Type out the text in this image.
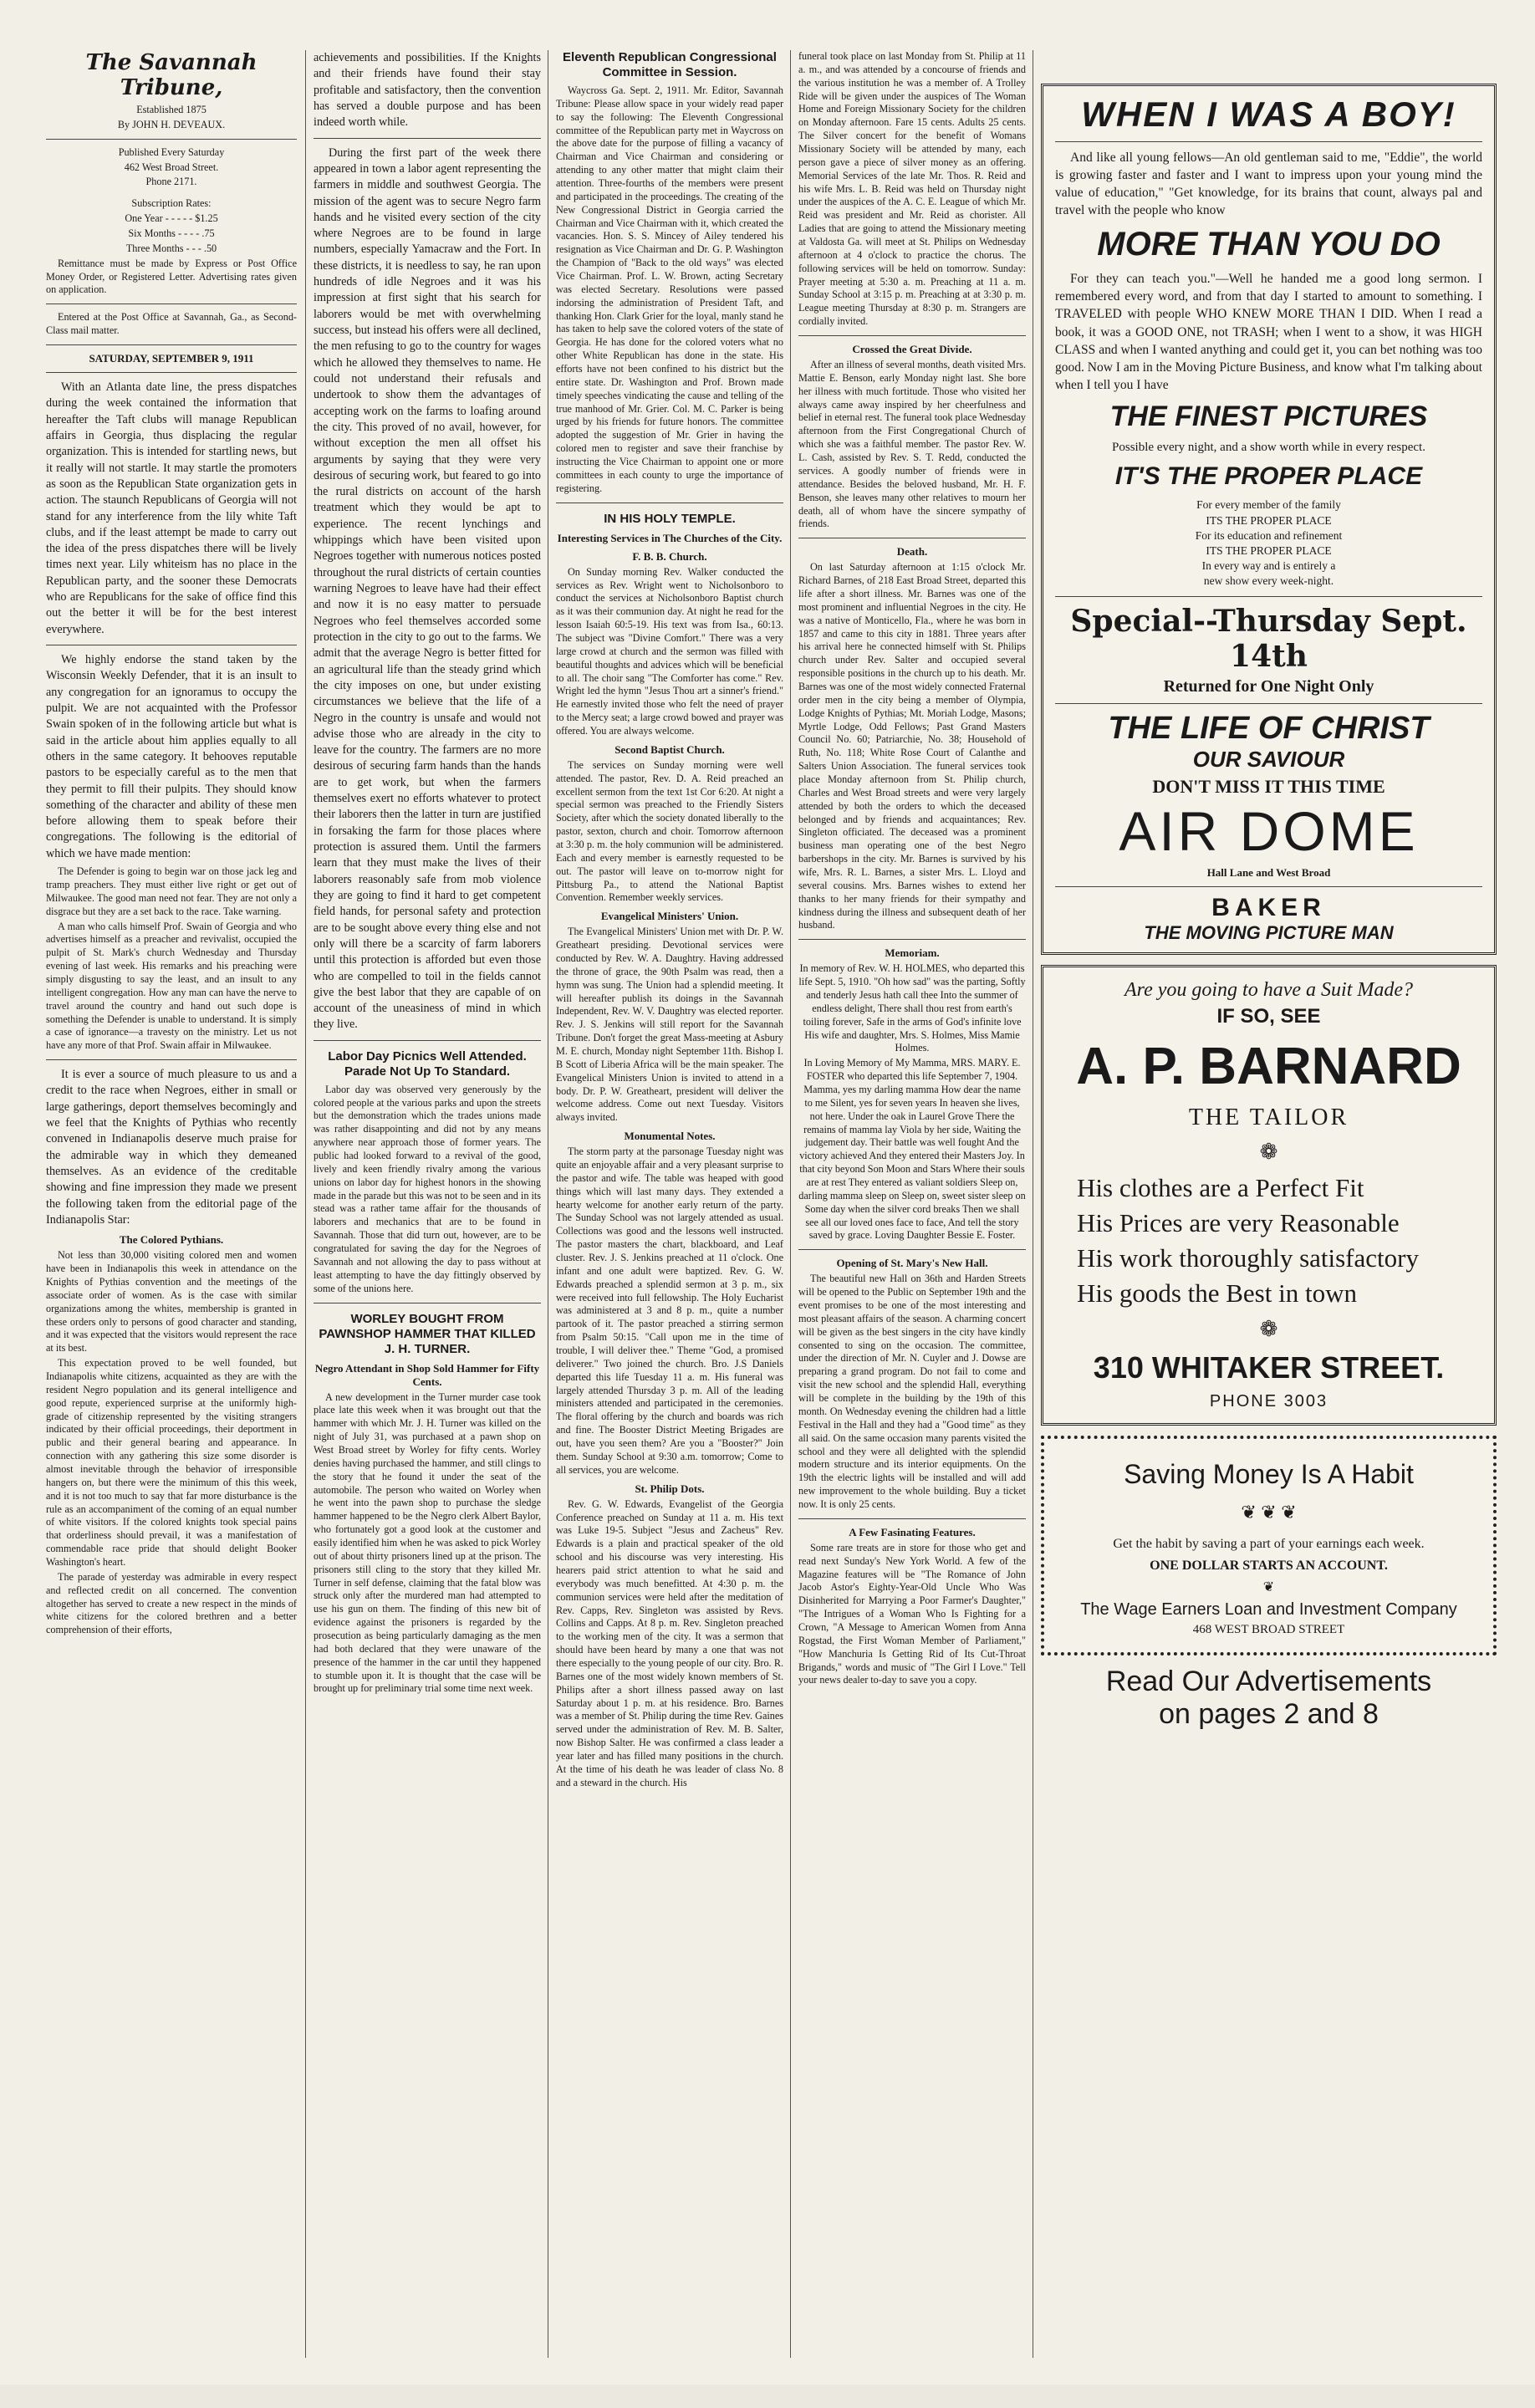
The Savannah Tribune,
Established 1875
By JOHN H. DEVEAUX.
Published Every Saturday
462 West Broad Street.
Phone 2171.
Subscription Rates:
One Year - - - - - $1.25
Six Months - - - - .75
Three Months - - - .50
Remittance must be made by Express or Post Office Money Order, or Registered Letter. Advertising rates given on application.
Entered at the Post Office at Savannah, Ga., as Second-Class mail matter.
SATURDAY, SEPTEMBER 9, 1911

With an Atlanta date line, the press dispatches during the week contained the information that hereafter the Taft clubs will manage Republican affairs in Georgia, thus displacing the regular organization. This is intended for startling news, but it really will not startle. It may startle the promoters as soon as the Republican State organization gets in action. The staunch Republicans of Georgia will not stand for any interference from the lily white Taft clubs, and if the least attempt be made to carry out the idea of the press dispatches there will be lively times next year. Lily whiteism has no place in the Republican party, and the sooner these Democrats who are Republicans for the sake of office find this out the better it will be for the best interest everywhere.

We highly endorse the stand taken by the Wisconsin Weekly Defender, that it is an insult to any congregation for an ignoramus to occupy the pulpit. We are not acquainted with the Professor Swain spoken of in the following article but what is said in the article about him applies equally to all others in the same category. It behooves reputable pastors to be especially careful as to the men that they permit to fill their pulpits. They should know something of the character and ability of these men before allowing them to speak before their congregations. The following is the editorial of which we have made mention:

The Defender is going to begin war on those jack leg and tramp preachers. They must either live right or get out of Milwaukee. The good man need not fear. They are not only a disgrace but they are a set back to the race. Take warning.

A man who calls himself Prof. Swain of Georgia and who advertises himself as a preacher and revivalist, occupied the pulpit of St. Mark's church Wednesday and Thursday evening of last week. His remarks and his preaching were simply disgusting to say the least, and an insult to any intelligent congregation. How any man can have the nerve to travel around the country and hand out such dope is something the Defender is unable to understand. It is simply a case of ignorance—a travesty on the ministry. Let us not have any more of that Prof. Swain affair in Milwaukee.

It is ever a source of much pleasure to us and a credit to the race when Negroes, either in small or large gatherings, deport themselves becomingly and we feel that the Knights of Pythias who recently convened in Indianapolis deserve much praise for the admirable way in which they demeaned themselves. As an evidence of the creditable showing and fine impression they made we present the following taken from the editorial page of the Indianapolis Star:

The Colored Pythians.

Not less than 30,000 visiting colored men and women have been in Indianapolis this week in attendance on the Knights of Pythias convention and the meetings of the associate order of women. As is the case with similar organizations among the whites, membership is granted in these orders only to persons of good character and standing, and it was expected that the visitors would represent the race at its best.

This expectation proved to be well founded, but Indianapolis white citizens, acquainted as they are with the resident Negro population and its general intelligence and good repute, experienced surprise at the uniformly high-grade of citizenship represented by the visiting strangers indicated by their official proceedings, their deportment in public and their general bearing and appearance. In connection with any gathering this size some disorder is almost inevitable through the behavior of irresponsible hangers on, but there were the minimum of this this week, and it is not too much to say that far more disturbance is the rule as an accompaniment of the coming of an equal number of white visitors. If the colored knights took special pains that orderliness should prevail, it was a manifestation of commendable race pride that should delight Booker Washington's heart.

The parade of yesterday was admirable in every respect and reflected credit on all concerned. The convention altogether has served to create a new respect in the minds of white citizens for the colored brethren and a better comprehension of their efforts,

achievements and possibilities. If the Knights and their friends have found their stay profitable and satisfactory, then the convention has served a double purpose and has been indeed worth while.

During the first part of the week there appeared in town a labor agent representing the farmers in middle and southwest Georgia. The mission of the agent was to secure Negro farm hands and he visited every section of the city where Negroes are to be found in large numbers, especially Yamacraw and the Fort. In these districts, it is needless to say, he ran upon hundreds of idle Negroes and it was his impression at first sight that his search for laborers would be met with overwhelming success, but instead his offers were all declined, the men refusing to go to the country for wages which he allowed they themselves to name. He could not understand their refusals and undertook to show them the advantages of accepting work on the farms to loafing around the city. This proved of no avail, however, for without exception the men all offset his arguments by saying that they were very desirous of securing work, but feared to go into the rural districts on account of the harsh treatment which they would be apt to experience. The recent lynchings and whippings which have been visited upon Negroes together with numerous notices posted throughout the rural districts of certain counties warning Negroes to leave have had their effect and now it is no easy matter to persuade Negroes who feel themselves accorded some protection in the city to go out to the farms. We admit that the average Negro is better fitted for an agricultural life than the steady grind which the city imposes on one, but under existing circumstances we believe that the life of a Negro in the country is unsafe and would not advise those who are already in the city to leave for the country. The farmers are no more desirous of securing farm hands than the hands are to get work, but when the farmers themselves exert no efforts whatever to protect their laborers then the latter in turn are justified in forsaking the farm for those places where protection is assured them. Until the farmers learn that they must make the lives of their laborers reasonably safe from mob violence they are going to find it hard to get competent field hands, for personal safety and protection are to be sought above every thing else and not only will there be a scarcity of farm laborers until this protection is afforded but even those who are compelled to toil in the fields cannot give the best labor that they are capable of on account of the uneasiness of mind in which they live.

Labor Day Picnics Well Attended. Parade Not Up To Standard.

Labor day was observed very generously by the colored people at the various parks and upon the streets but the demonstration which the trades unions made was rather disappointing and did not by any means anywhere near approach those of former years. The public had looked forward to a revival of the good, lively and keen friendly rivalry among the various unions on labor day for highest honors in the showing made in the parade but this was not to be seen and in its stead was a rather tame affair for the thousands of laborers and mechanics that are to be found in Savannah. Those that did turn out, however, are to be congratulated for saving the day for the Negroes of Savannah and not allowing the day to pass without at least attempting to have the day fittingly observed by some of the unions here.

WORLEY BOUGHT FROM PAWNSHOP HAMMER THAT KILLED J. H. TURNER.
Negro Attendant in Shop Sold Hammer for Fifty Cents.

A new development in the Turner murder case took place late this week when it was brought out that the hammer with which Mr. J. H. Turner was killed on the night of July 31, was purchased at a pawn shop on West Broad street by Worley for fifty cents. Worley denies having purchased the hammer, and still clings to the story that he found it under the seat of the automobile. The person who waited on Worley when he went into the pawn shop to purchase the sledge hammer happened to be the Negro clerk Albert Baylor, who fortunately got a good look at the customer and easily identified him when he was asked to pick Worley out of about thirty prisoners lined up at the prison. The prisoners still cling to the story that they killed Mr. Turner in self defense, claiming that the fatal blow was struck only after the murdered man had attempted to use his gun on them. The finding of this new bit of evidence against the prisoners is regarded by the prosecution as being particularly damaging as the men had both declared that they were unaware of the presence of the hammer in the car until they happened to stumble upon it. It is thought that the case will be brought up for preliminary trial some time next week.

Eleventh Republican Congressional Committee in Session.

Waycross Ga. Sept. 2, 1911. Mr. Editor, Savannah Tribune: Please allow space in your widely read paper to say the following: The Eleventh Congressional committee of the Republican party met in Waycross on the above date for the purpose of filling a vacancy of Chairman and Vice Chairman and considering or attending to any other matter that might claim their attention. Three-fourths of the members were present and participated in the proceedings. The creating of the New Congressional District in Georgia carried the Chairman and Vice Chairman with it, which created the vacancies. Hon. S. S. Mincey of Ailey tendered his resignation as Vice Chairman and Dr. G. P. Washington the Champion of "Back to the old ways" was elected Vice Chairman. Prof. L. W. Brown, acting Secretary was elected Secretary. Resolutions were passed indorsing the administration of President Taft, and thanking Hon. Clark Grier for the loyal, manly stand he has taken to help save the colored voters of the state of Georgia. He has done for the colored voters what no other White Republican has done in the state. His efforts have not been confined to his district but the entire state. Dr. Washington and Prof. Brown made timely speeches vindicating the cause and telling of the true manhood of Mr. Grier. Col. M. C. Parker is being urged by his friends for future honors. The committee adopted the suggestion of Mr. Grier in having the colored men to register and save their franchise by instructing the Vice Chairman to appoint one or more committees in each county to urge the importance of registering.

IN HIS HOLY TEMPLE.
Interesting Services in The Churches of the City.
F. B. B. Church.

On Sunday morning Rev. Walker conducted the services as Rev. Wright went to Nicholsonboro to conduct the services at Nicholsonboro Baptist church as it was their communion day. At night he read for the lesson Isaiah 60:5-19. His text was from Isa., 60:13. The subject was "Divine Comfort." There was a very large crowd at church and the sermon was filled with beautiful thoughts and advices which will be beneficial to all. The choir sang "The Comforter has come." Rev. Wright led the hymn "Jesus Thou art a sinner's friend." He earnestly invited those who felt the need of prayer to the Mercy seat; a large crowd bowed and prayer was offered. You are always welcome.

Second Baptist Church.

The services on Sunday morning were well attended. The pastor, Rev. D. A. Reid preached an excellent sermon from the text 1st Cor 6:20. At night a special sermon was preached to the Friendly Sisters Society, after which the society donated liberally to the pastor, sexton, church and choir. Tomorrow afternoon at 3:30 p. m. the holy communion will be administered. Each and every member is earnestly requested to be out. The pastor will leave on to-morrow night for Pittsburg Pa., to attend the National Baptist Convention. Remember weekly services.

Evangelical Ministers' Union.

The Evangelical Ministers' Union met with Dr. P. W. Greatheart presiding. Devotional services were conducted by Rev. W. A. Daughtry. Having addressed the throne of grace, the 90th Psalm was read, then a hymn was sung. The Union had a splendid meeting. It will hereafter publish its doings in the Savannah Independent, Rev. W. V. Daughtry was elected reporter. Rev. J. S. Jenkins will still report for the Savannah Tribune. Don't forget the great Mass-meeting at Asbury M. E. church, Monday night September 11th. Bishop I. B Scott of Liberia Africa will be the main speaker. The Evangelical Ministers Union is invited to attend in a body. Dr. P. W. Greatheart, president will deliver the welcome address. Come out next Tuesday. Visitors always invited.

Monumental Notes.

The storm party at the parsonage Tuesday night was quite an enjoyable affair and a very pleasant surprise to the pastor and wife. The table was heaped with good things which will last many days. They extended a hearty welcome for another early return of the party. The Sunday School was not largely attended as usual. Collections was good and the lessons well instructed. The pastor masters the chart, blackboard, and Leaf cluster. Rev. J. S. Jenkins preached at 11 o'clock. One infant and one adult were baptized. Rev. G. W. Edwards preached a splendid sermon at 3 p. m., six were received into full fellowship. The Holy Eucharist was administered at 3 and 8 p. m., quite a number partook of it. The pastor preached a stirring sermon from Psalm 50:15. "Call upon me in the time of trouble, I will deliver thee." Theme "God, a promised deliverer." Two joined the church. Bro. J.S Daniels departed this life Tuesday 11 a. m. His funeral was largely attended Thursday 3 p. m. All of the leading ministers attended and participated in the ceremonies. The floral offering by the church and boards was rich and fine. The Booster District Meeting Brigades are out, have you seen them? Are you a "Booster?" Join them. Sunday School at 9:30 a.m. tomorrow; Come to all services, you are welcome.

St. Philip Dots.

Rev. G. W. Edwards, Evangelist of the Georgia Conference preached on Sunday at 11 a. m. His text was Luke 19-5. Subject "Jesus and Zacheus" Rev. Edwards is a plain and practical speaker of the old school and his discourse was very interesting. His hearers paid strict attention to what he said and everybody was much benefitted. At 4:30 p. m. the communion services were held after the meditation of Rev. Capps, Rev. Singleton was assisted by Revs. Collins and Capps. At 8 p. m. Rev. Singleton preached to the working men of the city. It was a sermon that should have been heard by many a one that was not there especially to the young people of our city. Bro. R. Barnes one of the most widely known members of St. Philips after a short illness passed away on last Saturday about 1 p. m. at his residence. Bro. Barnes was a member of St. Philip during the time Rev. Gaines served under the administration of Rev. M. B. Salter, now Bishop Salter. He was confirmed a class leader a year later and has filled many positions in the church. At the time of his death he was leader of class No. 8 and a steward in the church. His

funeral took place on last Monday from St. Philip at 11 a. m., and was attended by a concourse of friends and the various institution he was a member of. A Trolley Ride will be given under the auspices of The Woman Home and Foreign Missionary Society for the children on Monday afternoon. Fare 15 cents. Adults 25 cents. The Silver concert for the benefit of Womans Missionary Society will be attended by many, each person gave a piece of silver money as an offering. Memorial Services of the late Mr. Thos. R. Reid and his wife Mrs. L. B. Reid was held on Thursday night under the auspices of the A. C. E. League of which Mr. Reid was president and Mr. Reid as chorister. All Ladies that are going to attend the Missionary meeting at Valdosta Ga. will meet at St. Philips on Wednesday afternoon at 4 o'clock to practice the chorus. The following services will be held on tomorrow. Sunday: Prayer meeting at 5:30 a. m. Preaching at 11 a. m. Sunday School at 3:15 p. m. Preaching at at 3:30 p. m. League meeting Thursday at 8:30 p. m. Strangers are cordially invited.

Crossed the Great Divide.

After an illness of several months, death visited Mrs. Mattie E. Benson, early Monday night last. She bore her illness with much fortitude. Those who visited her always came away inspired by her cheerfulness and belief in eternal rest. The funeral took place Wednesday afternoon from the First Congregational Church of which she was a faithful member. The pastor Rev. W. L. Cash, assisted by Rev. S. T. Redd, conducted the services. A goodly number of friends were in attendance. Besides the beloved husband, Mr. H. F. Benson, she leaves many other relatives to mourn her death, all of whom have the sincere sympathy of friends.

Death.

On last Saturday afternoon at 1:15 o'clock Mr. Richard Barnes, of 218 East Broad Street, departed this life after a short illness. Mr. Barnes was one of the most prominent and influential Negroes in the city. He was a native of Monticello, Fla., where he was born in 1857 and came to this city in 1881. Three years after his arrival here he connected himself with St. Philips church under Rev. Salter and occupied several responsible positions in the church up to his death. Mr. Barnes was one of the most widely connected Fraternal order men in the city being a member of Olympia, Lodge Knights of Pythias; Mt. Moriah Lodge, Masons; Myrtle Lodge, Odd Fellows; Past Grand Masters Council No. 60; Patriarchie, No. 38; Household of Ruth, No. 118; White Rose Court of Calanthe and Salters Union Association. The funeral services took place Monday afternoon from St. Philip church, Charles and West Broad streets and were very largely attended by both the orders to which the deceased belonged and by friends and acquaintances; Rev. Singleton officiated. The deceased was a prominent business man operating one of the best Negro barbershops in the city. Mr. Barnes is survived by his wife, Mrs. R. L. Barnes, a sister Mrs. L. Lloyd and several cousins. Mrs. Barnes wishes to extend her thanks to her many friends for their sympathy and kindness during the illness and subsequent death of her husband.

Memoriam.

In memory of Rev. W. H. HOLMES, who departed this life Sept. 5, 1910. "Oh how sad" was the parting, Softly and tenderly Jesus hath call thee Into the summer of endless delight, There shall thou rest from earth's toiling forever, Safe in the arms of God's infinite love His wife and daughter, Mrs. S. Holmes, Miss Mamie Holmes.

In Loving Memory of My Mamma, MRS. MARY. E. FOSTER who departed this life September 7, 1904. Mamma, yes my darling mamma How dear the name to me Silent, yes for seven years In heaven she lives, not here. Under the oak in Laurel Grove There the remains of mamma lay Viola by her side, Waiting the judgement day. Their battle was well fought And the victory achieved And they entered their Masters Joy. In that city beyond Son Moon and Stars Where their souls are at rest They entered as valiant soldiers Sleep on, darling mamma sleep on Sleep on, sweet sister sleep on Some day when the silver cord breaks Then we shall see all our loved ones face to face, And tell the story saved by grace. Loving Daughter Bessie E. Foster.

Opening of St. Mary's New Hall.

The beautiful new Hall on 36th and Harden Streets will be opened to the Public on September 19th and the event promises to be one of the most interesting and most pleasant affairs of the season. A charming concert will be given as the best singers in the city have kindly consented to sing on the occasion. The committee, under the direction of Mr. N. Cuyler and J. Dowse are preparing a grand program. Do not fail to come and visit the new school and the splendid Hall, everything will be complete in the building by the 19th of this month. On Wednesday evening the children had a little Festival in the Hall and they had a "Good time" as they all said. On the same occasion many parents visited the school and they were all delighted with the splendid modern structure and its interior equipments. On the 19th the electric lights will be installed and will add new improvement to the whole building. Buy a ticket now. It is only 25 cents.

A Few Fasinating Features.

Some rare treats are in store for those who get and read next Sunday's New York World. A few of the Magazine features will be "The Romance of John Jacob Astor's Eighty-Year-Old Uncle Who Was Disinherited for Marrying a Poor Farmer's Daughter," "The Intrigues of a Woman Who Is Fighting for a Crown, "A Message to American Women from Anna Rogstad, the First Woman Member of Parliament," "How Manchuria Is Getting Rid of Its Cut-Throat Brigands," words and music of "The Girl I Love." Tell your news dealer to-day to save you a copy.

WHEN I WAS A BOY!

And like all young fellows—An old gentleman said to me, "Eddie", the world is growing faster and faster and I want to impress upon your young mind the value of education," "Get knowledge, for its brains that count, always pal and travel with the people who know

MORE THAN YOU DO

For they can teach you."—Well he handed me a good long sermon. I remembered every word, and from that day I started to amount to something. I TRAVELED with people WHO KNEW MORE THAN I DID. When I read a book, it was a GOOD ONE, not TRASH; when I went to a show, it was HIGH CLASS and when I wanted anything and could get it, you can bet nothing was too good. Now I am in the Moving Picture Business, and know what I'm talking about when I tell you I have

THE FINEST PICTURES

Possible every night, and a show worth while in every respect.

IT'S THE PROPER PLACE
For every member of the family
ITS THE PROPER PLACE
For its education and refinement
ITS THE PROPER PLACE
In every way and is entirely a
new show every week-night.
Special--Thursday Sept. 14th
Returned for One Night Only
THE LIFE OF CHRIST
OUR SAVIOUR
DON'T MISS IT THIS TIME
AIR DOME
Hall Lane and West Broad
BAKER
THE MOVING PICTURE MAN
Are you going to have a Suit Made?
IF SO, SEE
A. P. BARNARD
THE TAILOR
❁
His clothes are a Perfect Fit
His Prices are very Reasonable
His work thoroughly satisfactory
His goods the Best in town
❁
310 WHITAKER STREET.
PHONE 3003
Saving Money Is A Habit
❦ ❦ ❦

Get the habit by saving a part of your earnings each week.

ONE DOLLAR STARTS AN ACCOUNT.
❦
The Wage Earners Loan and Investment Company
468 WEST BROAD STREET
Read Our Advertisements
on pages 2 and 8
